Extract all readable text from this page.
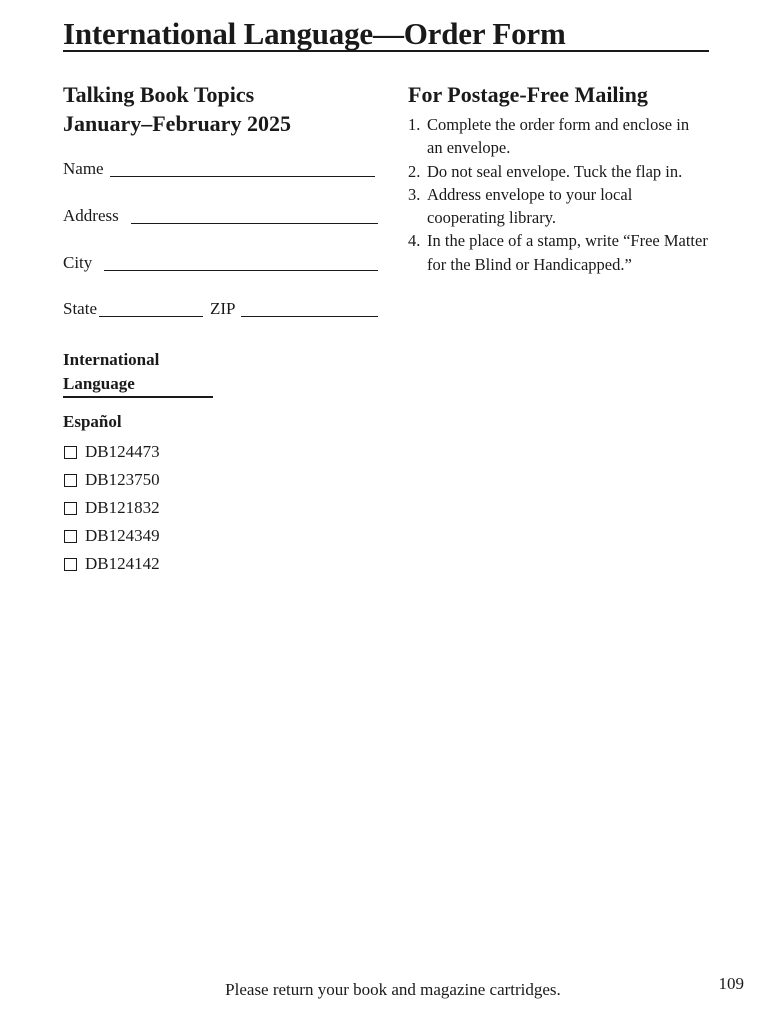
International Language—Order Form
Talking Book Topics
January–February 2025
Name
Address
City
State	ZIP
International
Language
Español
DB124473
DB123750
DB121832
DB124349
DB124142
For Postage-Free Mailing
1. Complete the order form and enclose in an envelope.
2. Do not seal envelope. Tuck the flap in.
3. Address envelope to your local cooperating library.
4. In the place of a stamp, write “Free Matter for the Blind or Handicapped.”
Please return your book and magazine cartridges.	109
